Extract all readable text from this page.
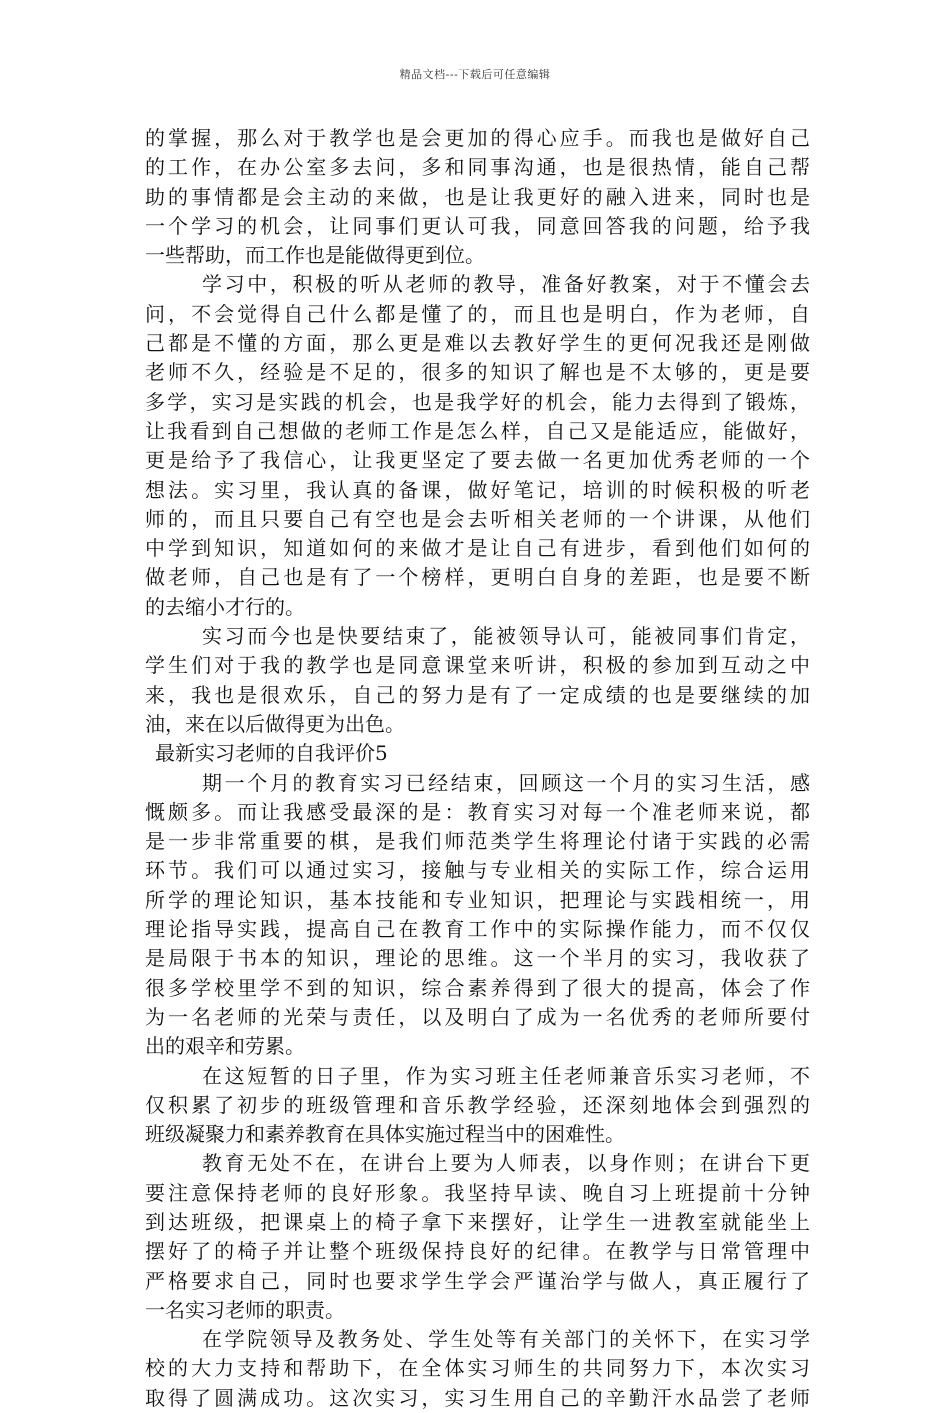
精品文档---下载后可任意编辑
的掌握，那么对于教学也是会更加的得心应手。而我也是做好自己
的工作，在办公室多去问，多和同事沟通，也是很热情，能自己帮
助的事情都是会主动的来做，也是让我更好的融入进来，同时也是
一个学习的机会，让同事们更认可我，同意回答我的问题，给予我
一些帮助，而工作也是能做得更到位。
学习中，积极的听从老师的教导，准备好教案，对于不懂会去
问，不会觉得自己什么都是懂了的，而且也是明白，作为老师，自
己都是不懂的方面，那么更是难以去教好学生的更何况我还是刚做
老师不久，经验是不足的，很多的知识了解也是不太够的，更是要
多学，实习是实践的机会，也是我学好的机会，能力去得到了锻炼，
让我看到自己想做的老师工作是怎么样，自己又是能适应，能做好，
更是给予了我信心，让我更坚定了要去做一名更加优秀老师的一个
想法。实习里，我认真的备课，做好笔记，培训的时候积极的听老
师的，而且只要自己有空也是会去听相关老师的一个讲课，从他们
中学到知识，知道如何的来做才是让自己有进步，看到他们如何的
做老师，自己也是有了一个榜样，更明白自身的差距，也是要不断
的去缩小才行的。
实习而今也是快要结束了，能被领导认可，能被同事们肯定，
学生们对于我的教学也是同意课堂来听讲，积极的参加到互动之中
来，我也是很欢乐，自己的努力是有了一定成绩的也是要继续的加
油，来在以后做得更为出色。
最新实习老师的自我评价5
期一个月的教育实习已经结束，回顾这一个月的实习生活，感
慨颇多。而让我感受最深的是：教育实习对每一个准老师来说，都
是一步非常重要的棋，是我们师范类学生将理论付诸于实践的必需
环节。我们可以通过实习，接触与专业相关的实际工作，综合运用
所学的理论知识，基本技能和专业知识，把理论与实践相统一，用
理论指导实践，提高自己在教育工作中的实际操作能力，而不仅仅
是局限于书本的知识，理论的思维。这一个半月的实习，我收获了
很多学校里学不到的知识，综合素养得到了很大的提高，体会了作
为一名老师的光荣与责任，以及明白了成为一名优秀的老师所要付
出的艰辛和劳累。
在这短暂的日子里，作为实习班主任老师兼音乐实习老师，不
仅积累了初步的班级管理和音乐教学经验，还深刻地体会到强烈的
班级凝聚力和素养教育在具体实施过程当中的困难性。
教育无处不在，在讲台上要为人师表，以身作则；在讲台下更
要注意保持老师的良好形象。我坚持早读、晚自习上班提前十分钟
到达班级，把课桌上的椅子拿下来摆好，让学生一进教室就能坐上
摆好了的椅子并让整个班级保持良好的纪律。在教学与日常管理中
严格要求自己，同时也要求学生学会严谨治学与做人，真正履行了
一名实习老师的职责。
在学院领导及教务处、学生处等有关部门的关怀下，在实习学
校的大力支持和帮助下，在全体实习师生的共同努力下，本次实习
取得了圆满成功。这次实习，实习生用自己的辛勤汗水品尝了老师
